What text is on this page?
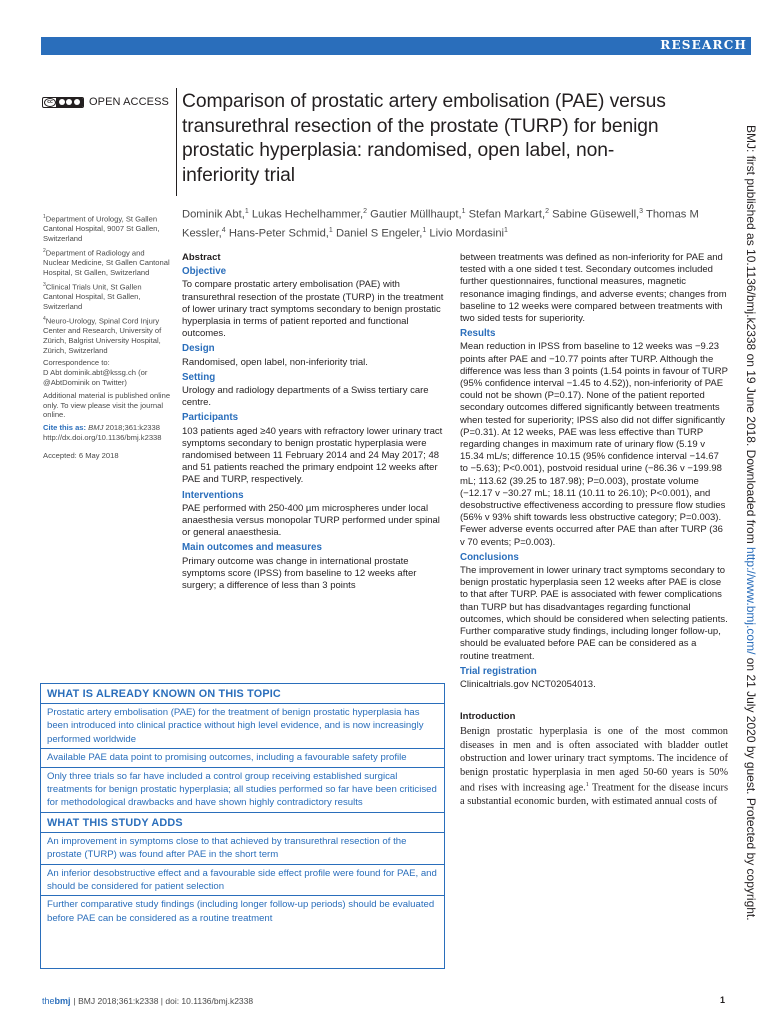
RESEARCH
cc	OPEN ACCESS Comparison of prostatic artery embolisation (PAE) versus transurethral resection of the prostate (TURP) for benign prostatic hyperplasia: randomised, open label, non-inferiority trial
Dominik Abt,$^1$ Lukas Hechelhammer,$^2$ Gautier Müllhaupt,$^1$ Stefan Markart,$^2$ Sabine Güsewell,$^3$ Thomas M Kessler,$^4$ Hans-Peter Schmid,$^1$ Daniel S Engeler,$^1$ Livio Mordasini$^1$

$^1$Department of Urology, St Gallen Cantonal Hospital, 9007 St Gallen, Switzerland

$^2$Department of Radiology and Nuclear Medicine, St Gallen Cantonal Hospital, St Gallen, Switzerland

$^3$Clinical Trials Unit, St Gallen Cantonal Hospital, St Gallen, Switzerland

$^4$Neuro-Urology, Spinal Cord Injury Center and Research, University of Zürich, Balgrist University Hospital, Zürich, Switzerland

Correspondence to:

D Abt dominik.abt@kssg.ch (or @AbtDominik on Twitter)

Additional material is published online only. To view please visit the journal online.

Cite this as: BMJ 2018;361:k2338
http://dx.doi.org/10.1136/bmj.k2338
Accepted: 6 May 2018
Abstract
Objective
To compare prostatic artery embolisation (PAE) with transurethral resection of the prostate (TURP) in the treatment of lower urinary tract symptoms secondary to benign prostatic hyperplasia in terms of patient reported and functional outcomes.
Design
Randomised, open label, non-inferiority trial.
Setting
Urology and radiology departments of a Swiss tertiary care centre.
Participants
103 patients aged ≥40 years with refractory lower urinary tract symptoms secondary to benign prostatic hyperplasia were randomised between 11 February 2014 and 24 May 2017; 48 and 51 patients reached the primary endpoint 12 weeks after PAE and TURP, respectively.
Interventions
PAE performed with 250-400 µm microspheres under local anaesthesia versus monopolar TURP performed under spinal or general anaesthesia.
Main outcomes and measures
Primary outcome was change in international prostate symptoms score (IPSS) from baseline to 12 weeks after surgery; a difference of less than 3 points
between treatments was defined as non-inferiority for PAE and tested with a one sided t test. Secondary outcomes included further questionnaires, functional measures, magnetic resonance imaging findings, and adverse events; changes from baseline to 12 weeks were compared between treatments with two sided tests for superiority.
Results
Mean reduction in IPSS from baseline to 12 weeks was −9.23 points after PAE and −10.77 points after TURP. Although the difference was less than 3 points (1.54 points in favour of TURP (95% confidence interval −1.45 to 4.52)), non-inferiority of PAE could not be shown (P=0.17). None of the patient reported secondary outcomes differed significantly between treatments when tested for superiority; IPSS also did not differ significantly (P=0.31). At 12 weeks, PAE was less effective than TURP regarding changes in maximum rate of urinary flow (5.19 v 15.34 mL/s; difference 10.15 (95% confidence interval −14.67 to −5.63); P<0.001), postvoid residual urine (−86.36 v −199.98 mL; 113.62 (39.25 to 187.98); P=0.003), prostate volume (−12.17 v −30.27 mL; 18.11 (10.11 to 26.10); P<0.001), and desobstructive effectiveness according to pressure flow studies (56% v 93% shift towards less obstructive category; P=0.003). Fewer adverse events occurred after PAE than after TURP (36 v 70 events; P=0.003).
Conclusions
The improvement in lower urinary tract symptoms secondary to benign prostatic hyperplasia seen 12 weeks after PAE is close to that after TURP. PAE is associated with fewer complications than TURP but has disadvantages regarding functional outcomes, which should be considered when selecting patients. Further comparative study findings, including longer follow-up, should be evaluated before PAE can be considered as a routine treatment.
Trial registration
Clinicaltrials.gov NCT02054013.
Introduction
Benign prostatic hyperplasia is one of the most common diseases in men and is often associated with bladder outlet obstruction and lower urinary tract symptoms. The incidence of benign prostatic hyperplasia in men aged 50-60 years is 50% and rises with increasing age.$^1$ Treatment for the disease incurs a substantial economic burden, with estimated annual costs of
WHAT IS ALREADY KNOWN ON THIS TOPIC
Prostatic artery embolisation (PAE) for the treatment of benign prostatic hyperplasia has been introduced into clinical practice without high level evidence, and is now increasingly performed worldwide
Available PAE data point to promising outcomes, including a favourable safety profile
Only three trials so far have included a control group receiving established surgical treatments for benign prostatic hyperplasia; all studies performed so far have been criticised for methodological drawbacks and have shown highly contradictory results
WHAT THIS STUDY ADDS
An improvement in symptoms close to that achieved by transurethral resection of the prostate (TURP) was found after PAE in the short term
An inferior desobstructive effect and a favourable side effect profile were found for PAE, and should be considered for patient selection
Further comparative study findings (including longer follow-up periods) should be evaluated before PAE can be considered as a routine treatment
BMJ: first published as 10.1136/bmj.k2338 on 19 June 2018. Downloaded from http://www.bmj.com/ on 21 July 2020 by guest. Protected by copyright.
thebmj | BMJ 2018;361:k2338 | doi: 10.1136/bmj.k2338	1
